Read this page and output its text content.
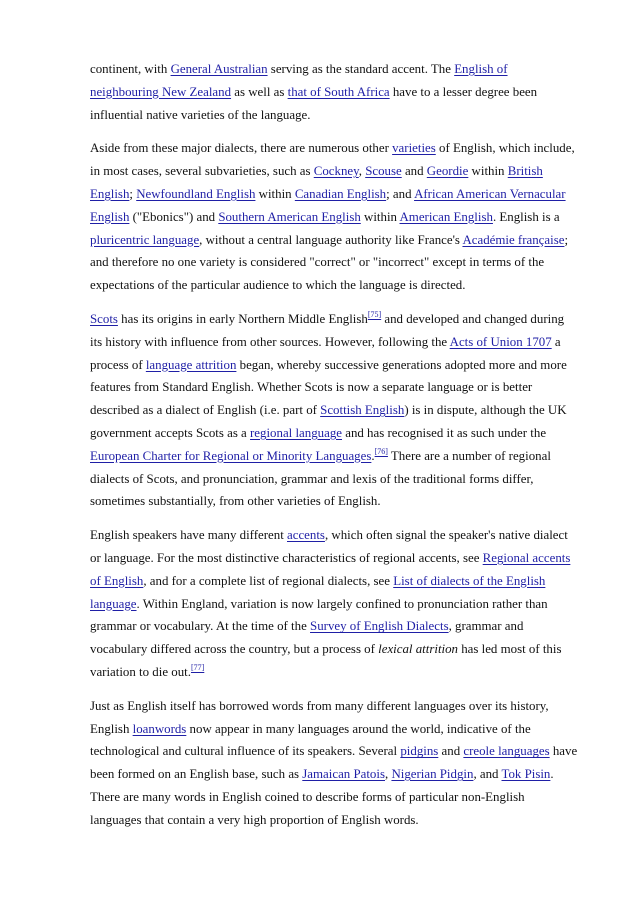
continent, with General Australian serving as the standard accent. The English of neighbouring New Zealand as well as that of South Africa have to a lesser degree been influential native varieties of the language.

Aside from these major dialects, there are numerous other varieties of English, which include, in most cases, several subvarieties, such as Cockney, Scouse and Geordie within British English; Newfoundland English within Canadian English; and African American Vernacular English ("Ebonics") and Southern American English within American English. English is a pluricentric language, without a central language authority like France's Académie française; and therefore no one variety is considered "correct" or "incorrect" except in terms of the expectations of the particular audience to which the language is directed.

Scots has its origins in early Northern Middle English[75] and developed and changed during its history with influence from other sources. However, following the Acts of Union 1707 a process of language attrition began, whereby successive generations adopted more and more features from Standard English. Whether Scots is now a separate language or is better described as a dialect of English (i.e. part of Scottish English) is in dispute, although the UK government accepts Scots as a regional language and has recognised it as such under the European Charter for Regional or Minority Languages.[76] There are a number of regional dialects of Scots, and pronunciation, grammar and lexis of the traditional forms differ, sometimes substantially, from other varieties of English.

English speakers have many different accents, which often signal the speaker's native dialect or language. For the most distinctive characteristics of regional accents, see Regional accents of English, and for a complete list of regional dialects, see List of dialects of the English language. Within England, variation is now largely confined to pronunciation rather than grammar or vocabulary. At the time of the Survey of English Dialects, grammar and vocabulary differed across the country, but a process of lexical attrition has led most of this variation to die out.[77]

Just as English itself has borrowed words from many different languages over its history, English loanwords now appear in many languages around the world, indicative of the technological and cultural influence of its speakers. Several pidgins and creole languages have been formed on an English base, such as Jamaican Patois, Nigerian Pidgin, and Tok Pisin. There are many words in English coined to describe forms of particular non-English languages that contain a very high proportion of English words.
